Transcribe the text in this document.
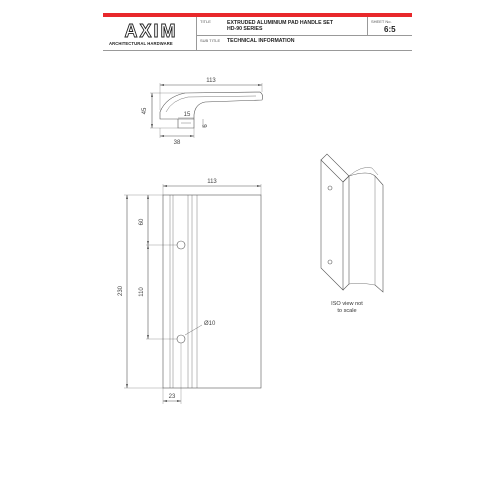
AXIM
ARCHITECTURAL HARDWARE
TITLE	EXTRUDED ALUMINIUM PAD HANDLE SET
HD-90 SERIES
SUB TITLE TECHNICAL INFORMATION
SHEET No.
6:5
113
45
15
6
38
113
60
110
230
Ø10
23
ISO view not
to scale
